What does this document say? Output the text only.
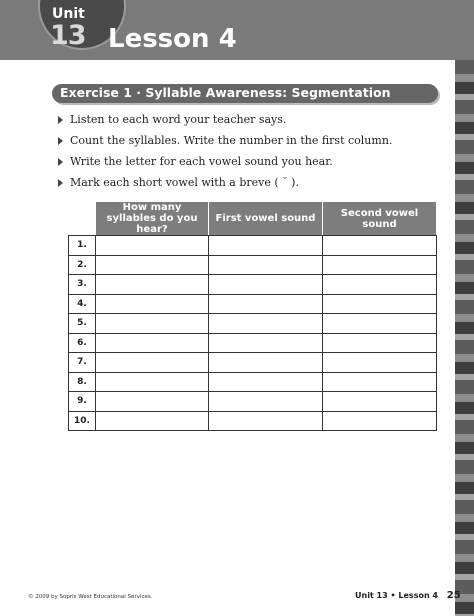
Unit
13 Lesson 4
Exercise 1 · Syllable Awareness: Segmentation
Listen to each word your teacher says.
Count the syllables. Write the number in the first column.
Write the letter for each vowel sound you hear.
Mark each short vowel with a breve ( ˘ ).
	How many syllables do you hear?	First vowel sound	Second vowel sound
1.			
2.			
3.			
4.			
5.			
6.			
7.			
8.			
9.			
10.			
© 2009 by Sopris West Educational Services.	Unit 13 • Lesson 4 25
